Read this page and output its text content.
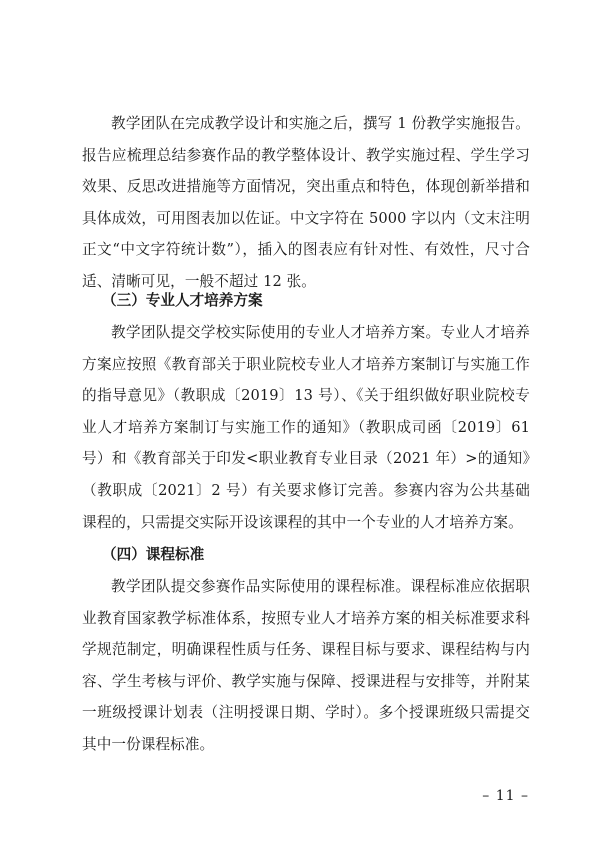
教学团队在完成教学设计和实施之后，撰写 1 份教学实施报告。报告应梳理总结参赛作品的教学整体设计、教学实施过程、学生学习效果、反思改进措施等方面情况，突出重点和特色，体现创新举措和具体成效，可用图表加以佐证。中文字符在 5000 字以内（文末注明正文“中文字符统计数”），插入的图表应有针对性、有效性，尺寸合适、清晰可见，一般不超过 12 张。

（三）专业人才培养方案

教学团队提交学校实际使用的专业人才培养方案。专业人才培养方案应按照《教育部关于职业院校专业人才培养方案制订与实施工作的指导意见》（教职成〔2019〕13 号）、《关于组织做好职业院校专业人才培养方案制订与实施工作的通知》（教职成司函〔2019〕61 号）和《教育部关于印发<职业教育专业目录（2021 年）>的通知》（教职成〔2021〕2 号）有关要求修订完善。参赛内容为公共基础课程的，只需提交实际开设该课程的其中一个专业的人才培养方案。

（四）课程标准

教学团队提交参赛作品实际使用的课程标准。课程标准应依据职业教育国家教学标准体系，按照专业人才培养方案的相关标准要求科学规范制定，明确课程性质与任务、课程目标与要求、课程结构与内容、学生考核与评价、教学实施与保障、授课进程与安排等，并附某一班级授课计划表（注明授课日期、学时）。多个授课班级只需提交其中一份课程标准。

– 11 –
